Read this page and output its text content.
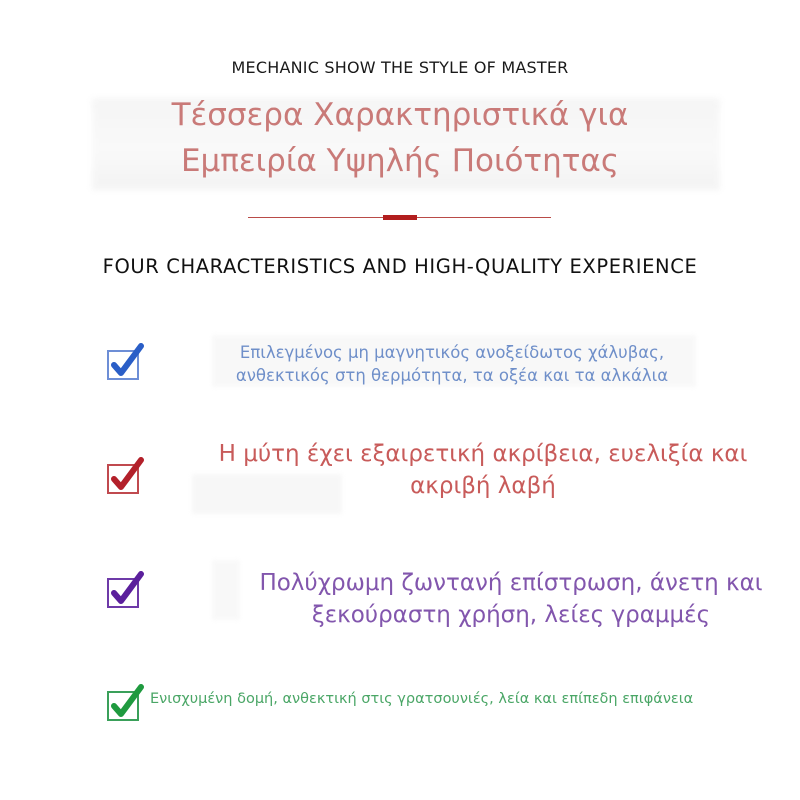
MECHANIC SHOW THE STYLE OF MASTER
Τέσσερα Χαρακτηριστικά για
Εμπειρία Υψηλής Ποιότητας
FOUR CHARACTERISTICS AND HIGH-QUALITY EXPERIENCE
Επιλεγμένος μη μαγνητικός ανοξείδωτος χάλυβας,
ανθεκτικός στη θερμότητα, τα οξέα και τα αλκάλια
Η μύτη έχει εξαιρετική ακρίβεια, ευελιξία και
ακριβή λαβή
Πολύχρωμη ζωντανή επίστρωση, άνετη και
ξεκούραστη χρήση, λείες γραμμές
Ενισχυμένη δομή, ανθεκτική στις γρατσουνιές, λεία και επίπεδη επιφάνεια
